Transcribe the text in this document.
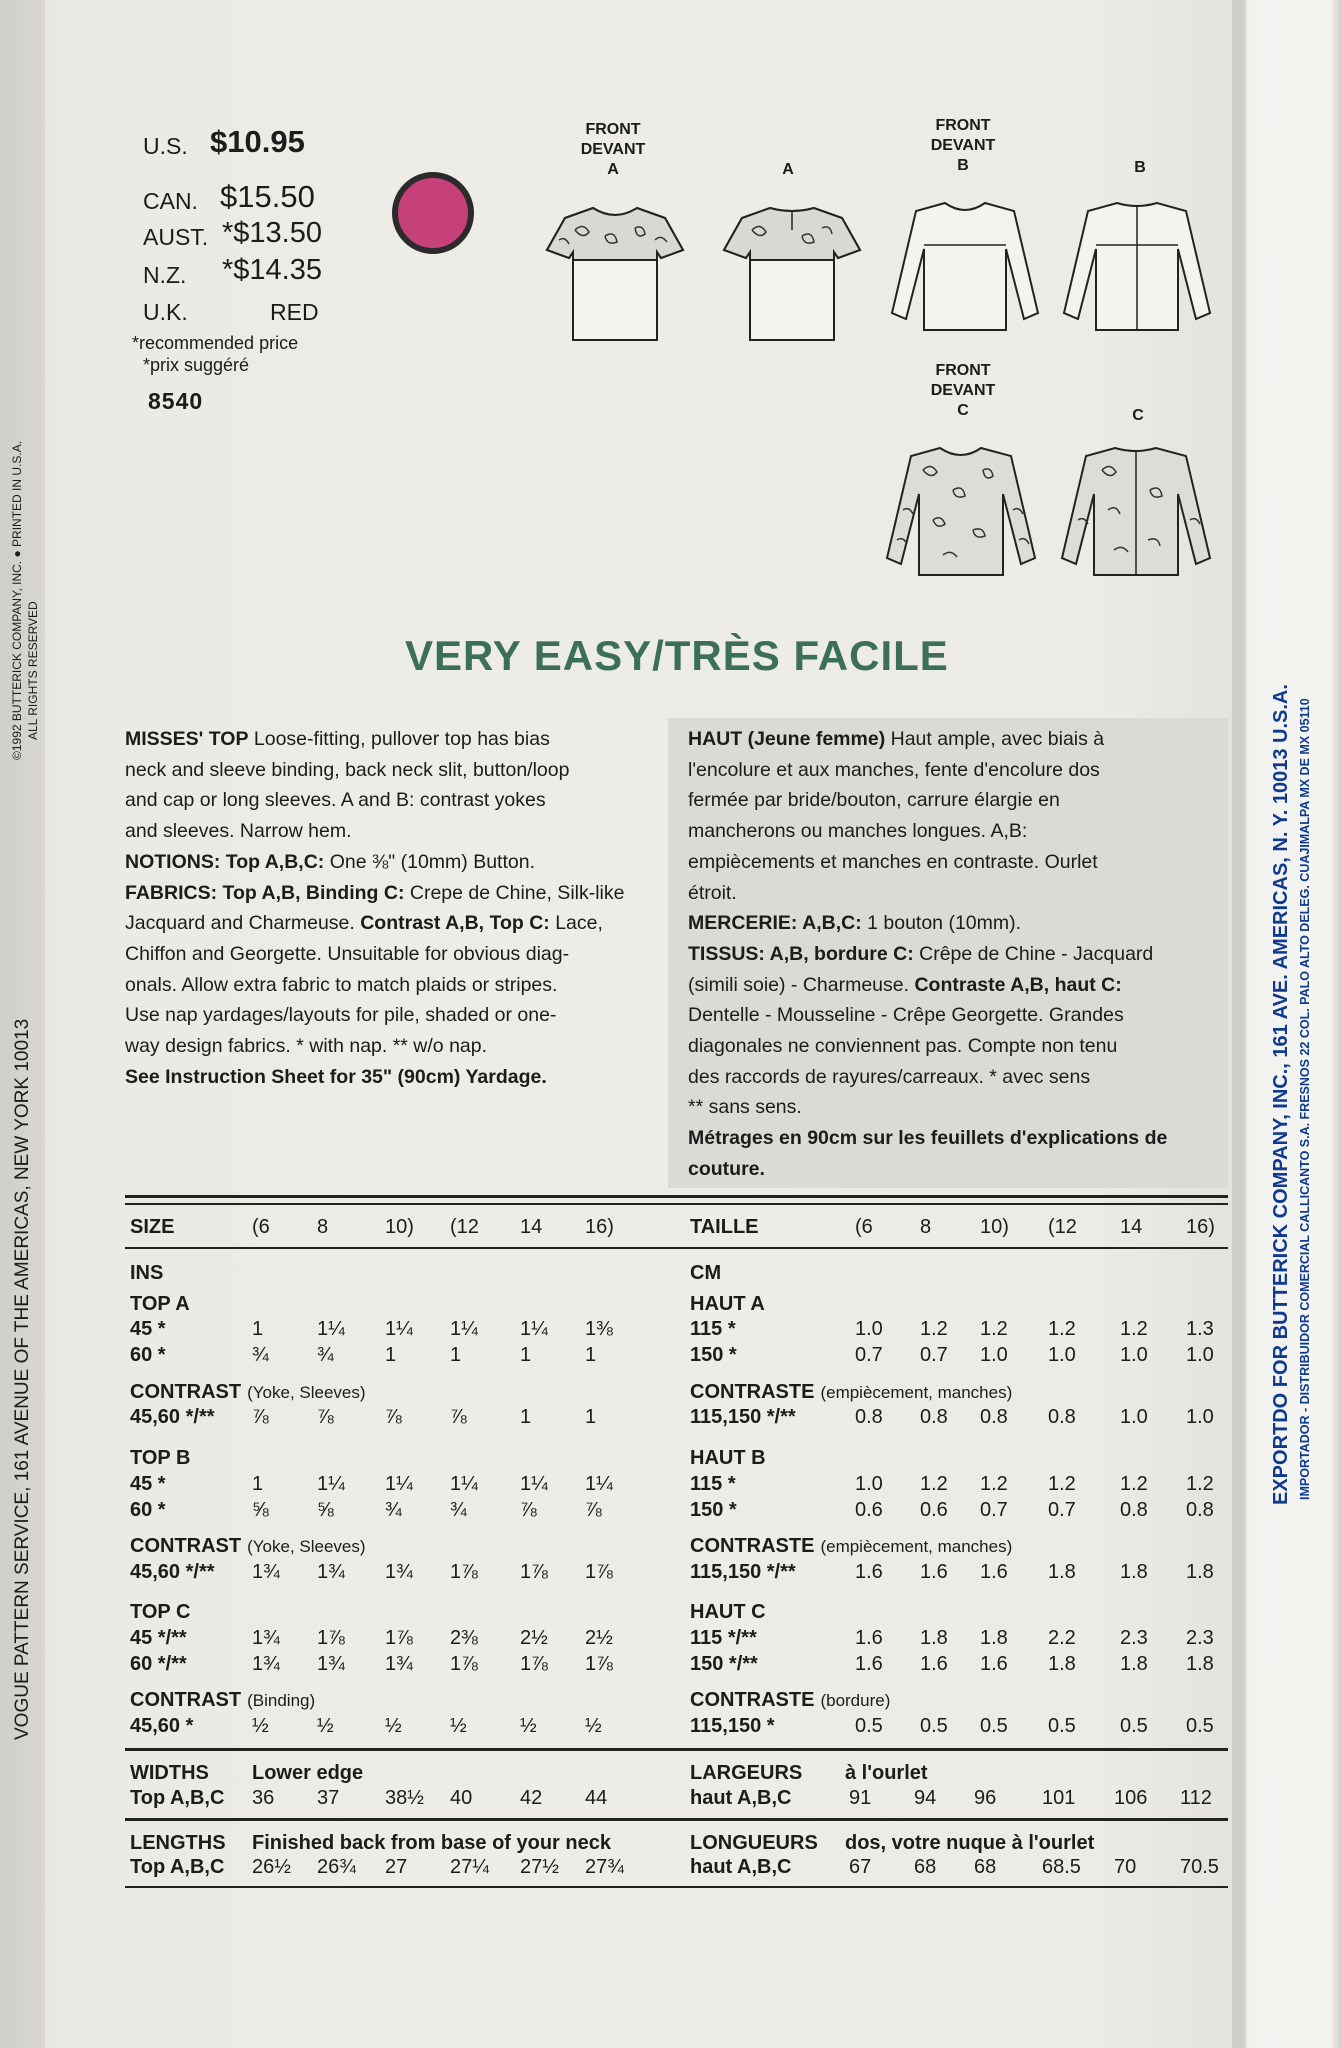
VOGUE PATTERN SERVICE, 161 AVENUE OF THE AMERICAS, NEW YORK 10013
©1992 BUTTERICK COMPANY, INC. ● PRINTED IN U.S.A. ALL RIGHTS RESERVED
EXPORTDO FOR BUTTERICK COMPANY, INC., 161 AVE. AMERICAS, N. Y. 10013 U.S.A. IMPORTADOR - DISTRIBUIDOR COMERCIAL CALLICANTO S.A. FRESNOS 22 COL. PALO ALTO DELEG. CUAJIMALPA MX DE MX 05110
U.S. $10.95
CAN. $15.50
AUST. *$13.50
N.Z. *$14.35
U.K.	RED
*recommended price
*prix suggéré
8540
FRONT
DEVANT
A	A
FRONT
DEVANT
B	B
FRONT
DEVANT
C	C
VERY EASY/TRÈS FACILE

MISSES' TOP Loose-fitting, pullover top has bias

neck and sleeve binding, back neck slit, button/loop

and cap or long sleeves. A and B: contrast yokes

and sleeves. Narrow hem.

NOTIONS: Top A,B,C: One ⅜" (10mm) Button.

FABRICS: Top A,B, Binding C: Crepe de Chine, Silk-like

Jacquard and Charmeuse. Contrast A,B, Top C: Lace,

Chiffon and Georgette. Unsuitable for obvious diag-

onals. Allow extra fabric to match plaids or stripes.

Use nap yardages/layouts for pile, shaded or one-

way design fabrics. * with nap. ** w/o nap.

See Instruction Sheet for 35" (90cm) Yardage.

HAUT (Jeune femme) Haut ample, avec biais à

l'encolure et aux manches, fente d'encolure dos

fermée par bride/bouton, carrure élargie en

mancherons ou manches longues. A,B:

empiècements et manches en contraste. Ourlet

étroit.

MERCERIE: A,B,C: 1 bouton (10mm).

TISSUS: A,B, bordure C: Crêpe de Chine - Jacquard

(simili soie) - Charmeuse. Contraste A,B, haut C:

Dentelle - Mousseline - Crêpe Georgette. Grandes

diagonales ne conviennent pas. Compte non tenu

des raccords de rayures/carreaux. * avec sens

** sans sens.

Métrages en 90cm sur les feuillets d'explications de

couture.

SIZE	(6 8	10) (12 14 16)
INS
TOP A
45 *	1	1¼ 1¼ 1¼ 1¼ 1⅜
60 *	¾ ¾	1	1	1	1
CONTRAST (Yoke, Sleeves)
45,60 */** ⅞ ⅞	⅞ ⅞	1	1
TOP B
45 *	1	1¼ 1¼ 1¼ 1¼ 1¼
60 *	⅝ ⅝	¾ ¾	⅞ ⅞
CONTRAST (Yoke, Sleeves)
45,60 */** 1¾ 1¾ 1¾ 1⅞ 1⅞ 1⅞
TOP C
45 */**	1¾ 1⅞ 1⅞ 2⅜ 2½ 2½
60 */**	1¾ 1¾ 1¾ 1⅞ 1⅞ 1⅞
CONTRAST (Binding)
45,60 *	½ ½	½ ½	½ ½
WIDTHS Lower edge
Top A,B,C 36 37 38½ 40 42 44
LENGTHS Finished back from base of your neck
Top A,B,C 26½ 26¾ 27 27¼ 27½ 27¾
TAILLE	(6 8 10) (12 14 16)
CM
HAUT A
115 *	1.0 1.2 1.2 1.2 1.2 1.3
150 *	0.7 0.7 1.0 1.0 1.0 1.0
CONTRASTE (empiècement, manches)
115,150 */**	0.8 0.8 0.8 0.8 1.0 1.0
HAUT B
115 *	1.0 1.2 1.2 1.2 1.2 1.2
150 *	0.6 0.6 0.7 0.7 0.8 0.8
CONTRASTE (empiècement, manches)
115,150 */**	1.6 1.6 1.6 1.8 1.8 1.8
HAUT C
115 */**	1.6 1.8 1.8 2.2 2.3 2.3
150 */**	1.6 1.6 1.6 1.8 1.8 1.8
CONTRASTE (bordure)
115,150 *	0.5 0.5 0.5 0.5 0.5 0.5
LARGEURS à l'ourlet
haut A,B,C	91 94 96 101 106 112
LONGUEURS dos, votre nuque à l'ourlet
haut A,B,C	67 68 68 68.5 70 70.5
